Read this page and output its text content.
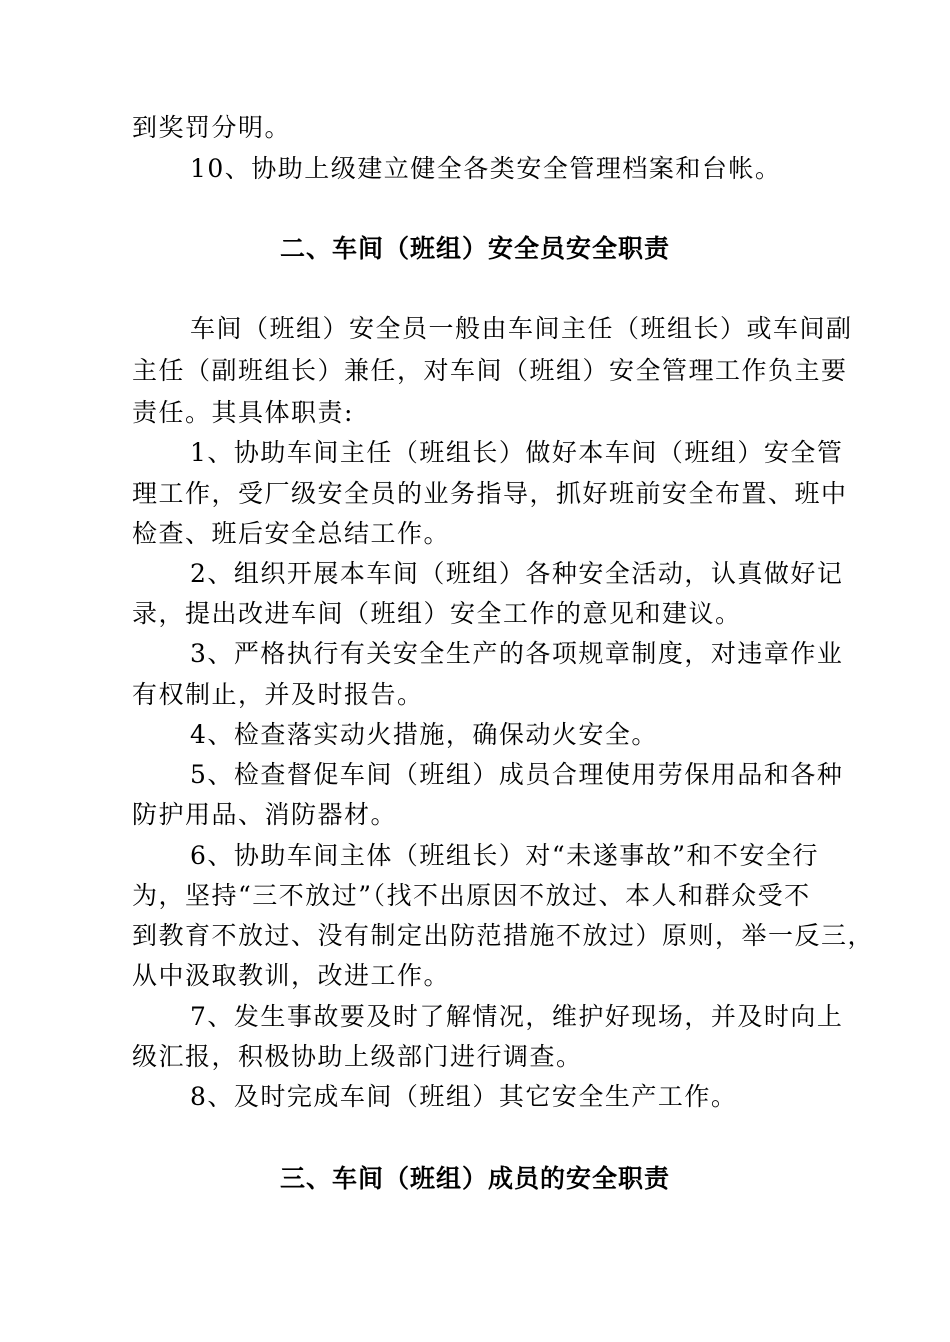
到奖罚分明。
10、协助上级建立健全各类安全管理档案和台帐。
二、车间（班组）安全员安全职责
车间（班组）安全员一般由车间主任（班组长）或车间副
主任（副班组长）兼任，对车间（班组）安全管理工作负主要
责任。其具体职责:
1、协助车间主任（班组长）做好本车间（班组）安全管
理工作，受厂级安全员的业务指导，抓好班前安全布置、班中
检查、班后安全总结工作。
2、组织开展本车间（班组）各种安全活动，认真做好记
录，提出改进车间（班组）安全工作的意见和建议。
3、严格执行有关安全生产的各项规章制度，对违章作业
有权制止，并及时报告。
4、检查落实动火措施，确保动火安全。
5、检查督促车间（班组）成员合理使用劳保用品和各种
防护用品、消防器材。
6、协助车间主体（班组长）对“未遂事故”和不安全行
为，坚持“三不放过”（找不出原因不放过、本人和群众受不
到教育不放过、没有制定出防范措施不放过）原则，举一反三，
从中汲取教训，改进工作。
7、发生事故要及时了解情况，维护好现场，并及时向上
级汇报，积极协助上级部门进行调查。
8、及时完成车间（班组）其它安全生产工作。
三、车间（班组）成员的安全职责
